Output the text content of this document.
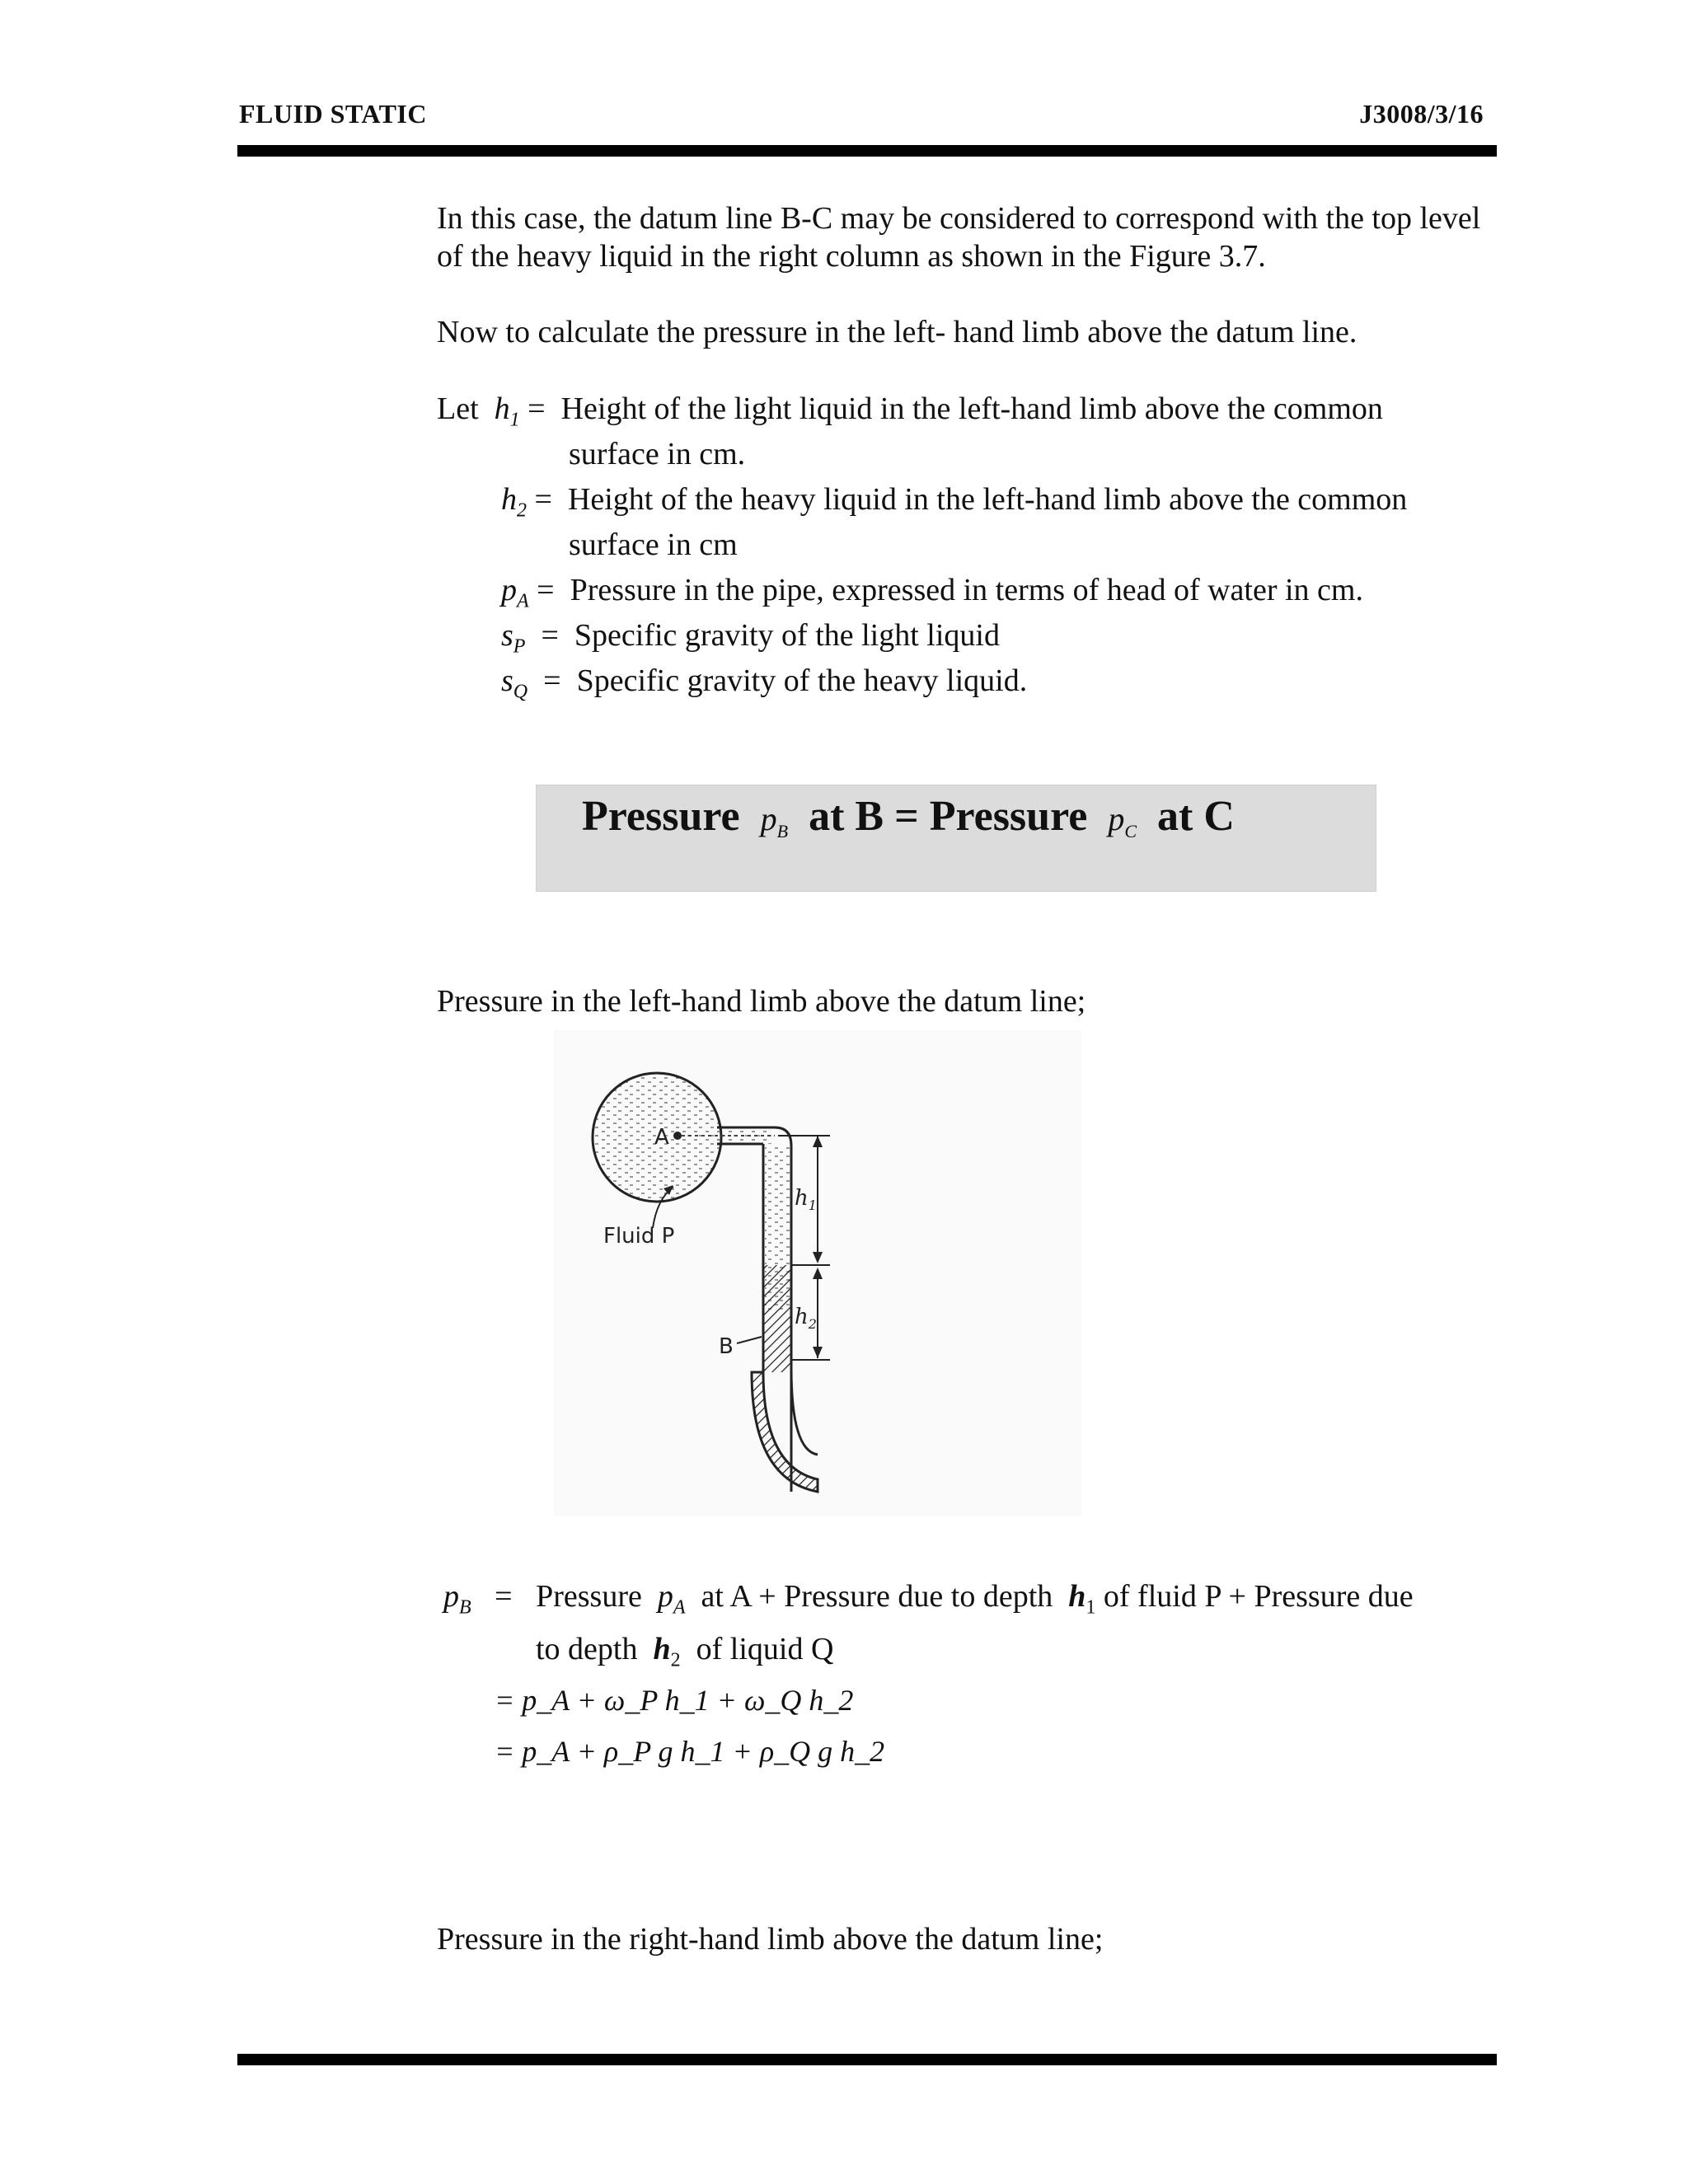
FLUID STATIC	J3008/3/16
In this case, the datum line B-C may be considered to correspond with the top level of the heavy liquid in the right column as shown in the Figure 3.7.
Now to calculate the pressure in the left- hand limb above the datum line.
Let $h_1$ = Height of the light liquid in the left-hand limb above the common
surface in cm.
$h_2$ = Height of the heavy liquid in the left-hand limb above the common
surface in cm
$p_A$ = Pressure in the pipe, expressed in terms of head of water in cm.
$s_P$ = Specific gravity of the light liquid
$s_Q$ = Specific gravity of the heavy liquid.
Pressure $p_B$ at B = Pressure $p_C$ at C
Pressure in the left-hand limb above the datum line;
A
Fluid P
B
$h_1$
$h_2$
$p_B$ = Pressure $p_A$ at A + Pressure due to depth $h_1$ of fluid P + Pressure due
to depth $h_2$ of liquid Q
= p_A + ω_P h_1 + ω_Q h_2
= p_A + ρ_P g h_1 + ρ_Q g h_2
Pressure in the right-hand limb above the datum line;
